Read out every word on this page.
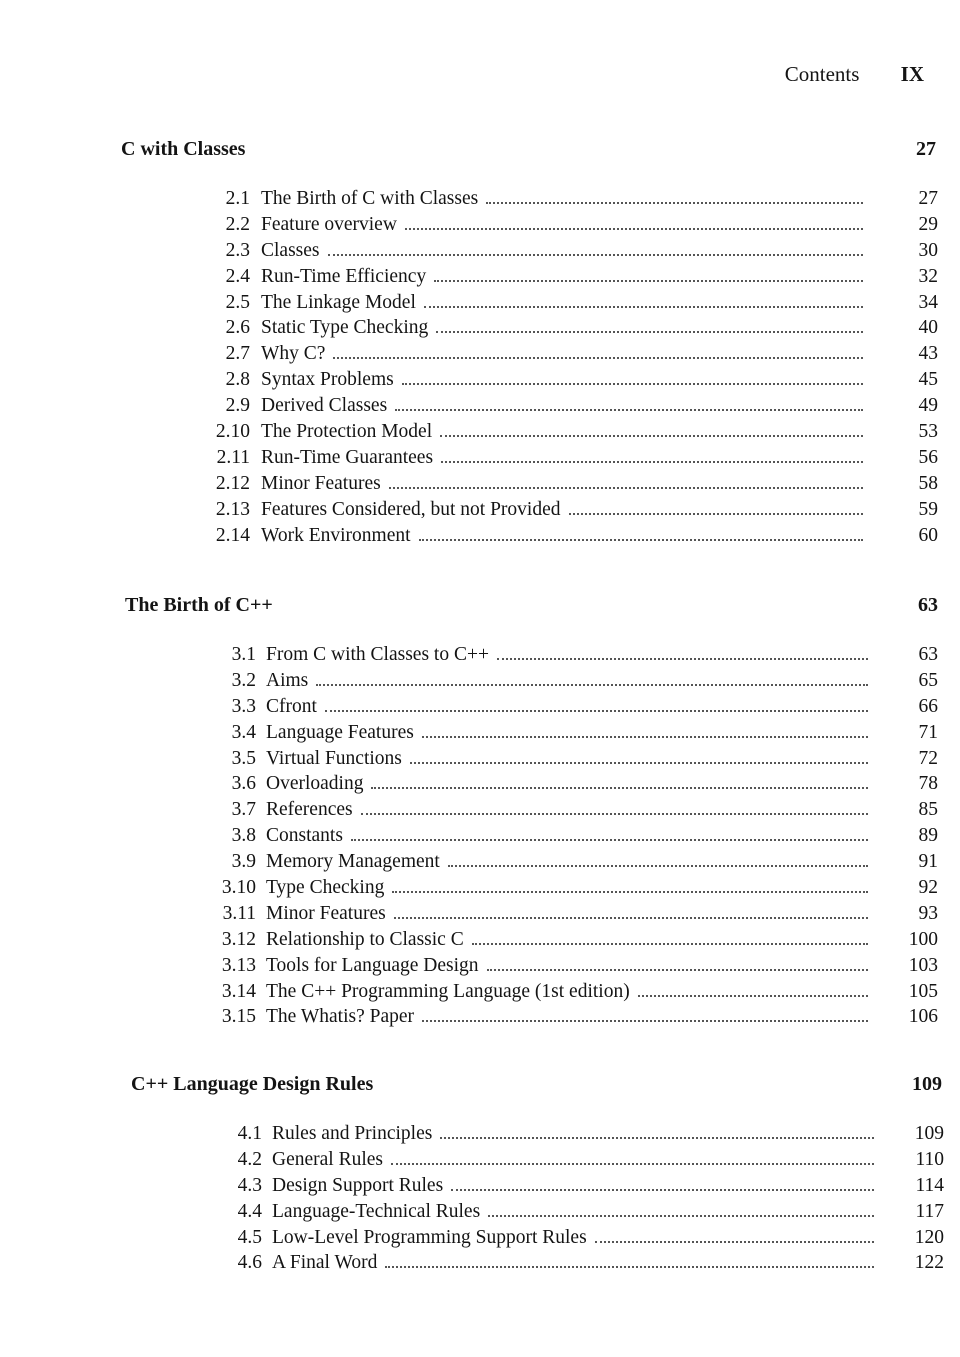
Contents IX
C with Classes	27
2.1 The Birth of C with Classes	27
2.2 Feature overview	29
2.3 Classes	30
2.4 Run-Time Efficiency	32
2.5 The Linkage Model	34
2.6 Static Type Checking	40
2.7 Why C?	43
2.8 Syntax Problems	45
2.9 Derived Classes	49
2.10 The Protection Model	53
2.11 Run-Time Guarantees	56
2.12 Minor Features	58
2.13 Features Considered, but not Provided	59
2.14 Work Environment	60
The Birth of C++	63
3.1 From C with Classes to C++	63
3.2 Aims	65
3.3 Cfront	66
3.4 Language Features	71
3.5 Virtual Functions	72
3.6 Overloading	78
3.7 References	85
3.8 Constants	89
3.9 Memory Management	91
3.10 Type Checking	92
3.11 Minor Features	93
3.12 Relationship to Classic C	100
3.13 Tools for Language Design	103
3.14 The C++ Programming Language (1st edition)	105
3.15 The Whatis? Paper	106
C++ Language Design Rules	109
4.1 Rules and Principles	109
4.2 General Rules	110
4.3 Design Support Rules	114
4.4 Language-Technical Rules	117
4.5 Low-Level Programming Support Rules	120
4.6 A Final Word	122
